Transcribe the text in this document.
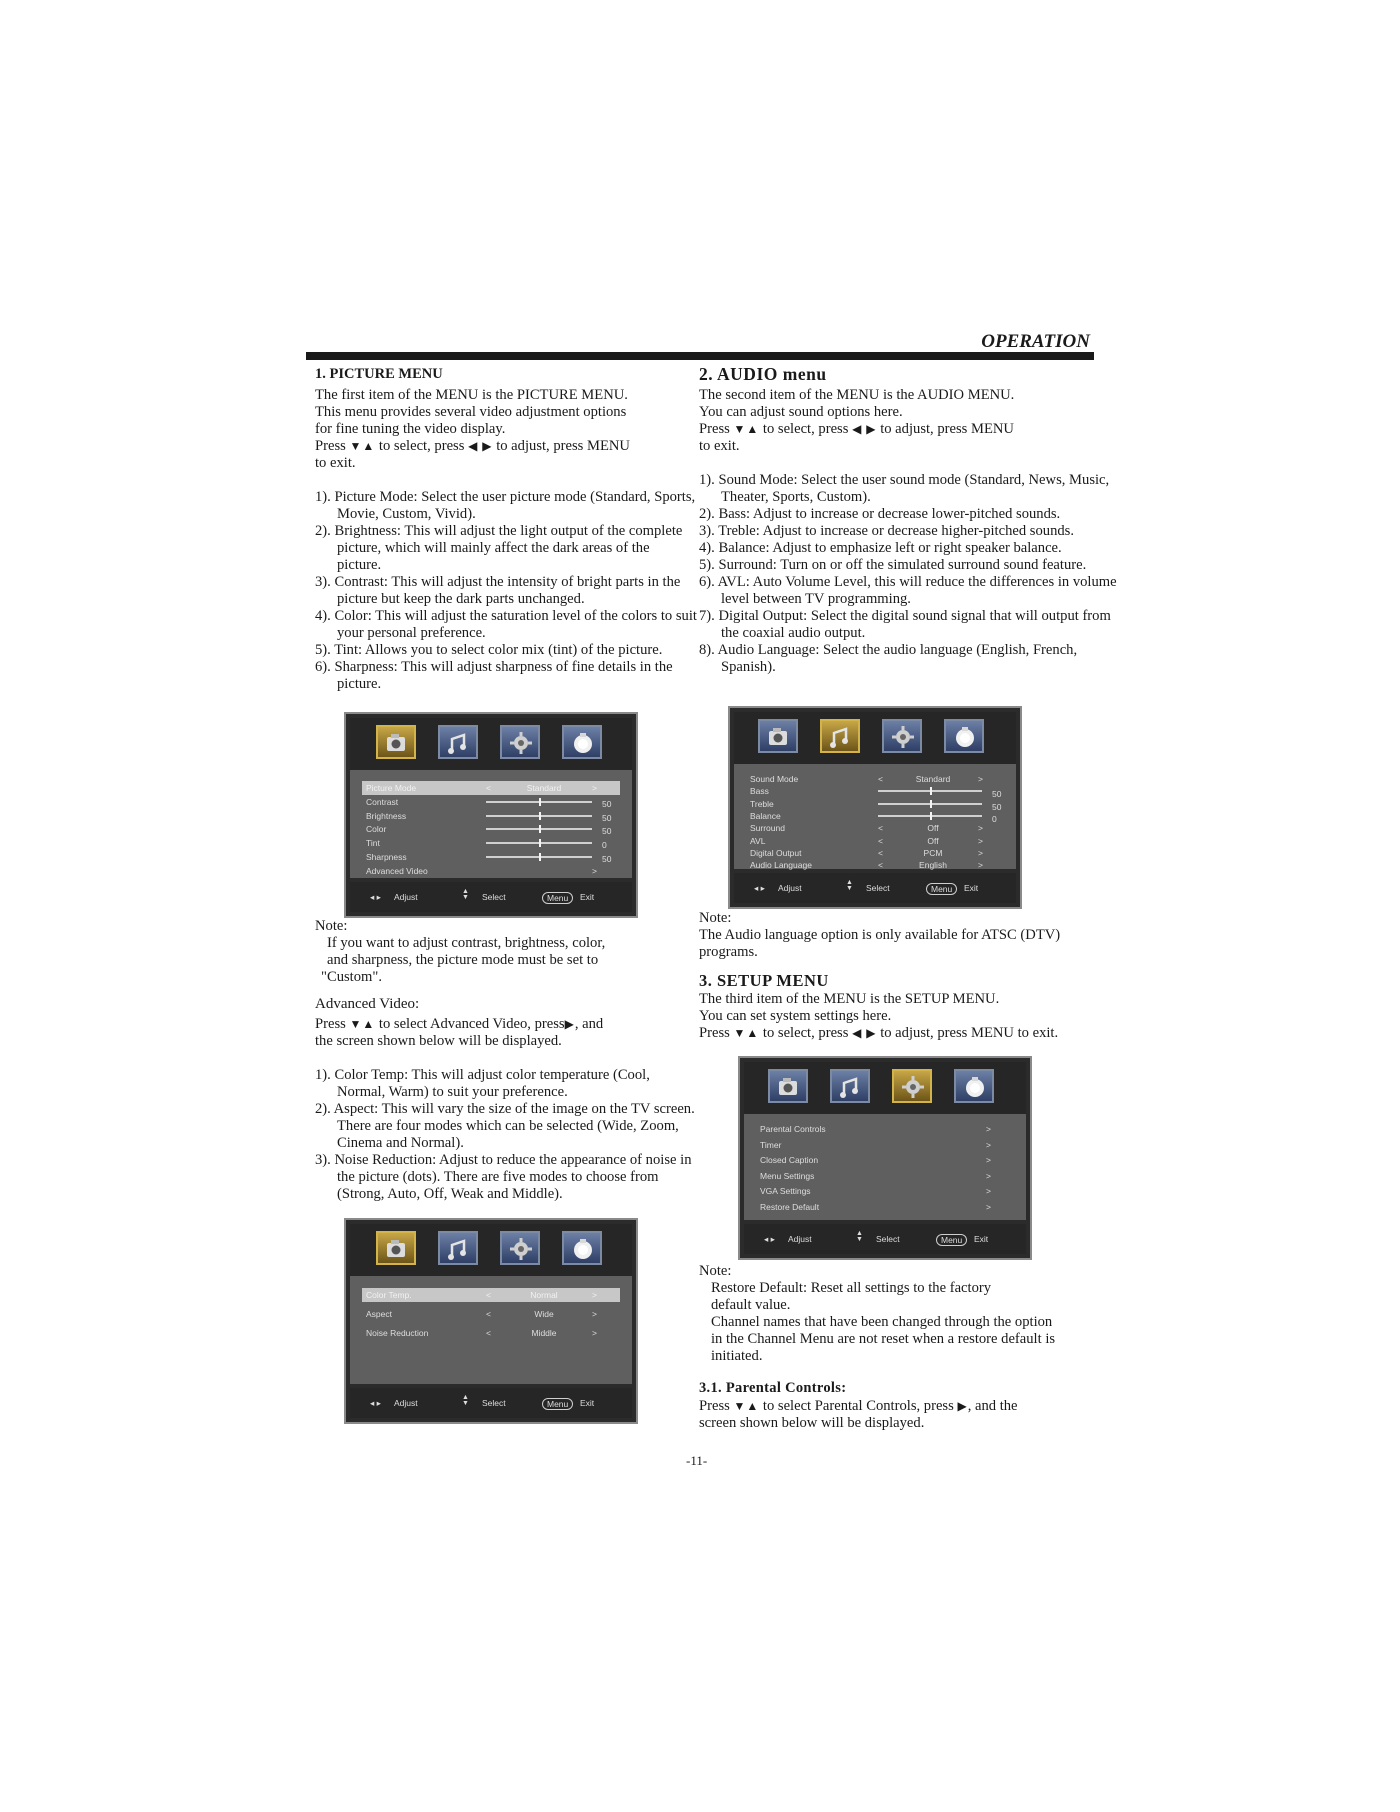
OPERATION

1. PICTURE MENU

The first item of the MENU is the PICTURE MENU.

This menu provides several video adjustment options

for fine tuning the video display.

Press ▼▲ to select, press ◀ ▶ to adjust, press MENU

to exit.

1). Picture Mode: Select the user picture mode (Standard, Sports, Movie, Custom, Vivid).

2). Brightness: This will adjust the light output of the complete picture, which will mainly affect the dark areas of the picture.

3). Contrast: This will adjust the intensity of bright parts in the picture but keep the dark parts unchanged.

4). Color: This will adjust the saturation level of the colors to suit your personal preference.

5). Tint: Allows you to select color mix (tint) of the picture.

6). Sharpness: This will adjust sharpness of fine details in the picture.

Picture Mode	<	Standard	>
Contrast	50
Brightness	50
Color	50
Tint	0
Sharpness	50
Advanced Video	>
◂ ▸ Adjust
▲
▼ Select	Menu	Exit

Note:

If you want to adjust contrast, brightness, color,

and sharpness, the picture mode must be set to

"Custom".

Advanced Video:

Press ▼▲ to select Advanced Video, press▶, and

the screen shown below will be displayed.

1). Color Temp: This will adjust color temperature (Cool, Normal, Warm) to suit your preference.

2). Aspect: This will vary the size of the image on the TV screen. There are four modes which can be selected (Wide, Zoom, Cinema and Normal).

3). Noise Reduction: Adjust to reduce the appearance of noise in the picture (dots). There are five modes to choose from (Strong, Auto, Off, Weak and Middle).

Color Temp.	<	Normal	>
Aspect	<	Wide	>
Noise Reduction	<	Middle	>
◂ ▸ Adjust
▲
▼ Select	Menu	Exit

2. AUDIO menu

The second item of the MENU is the AUDIO MENU.

You can adjust sound options here.

Press ▼▲ to select, press ◀ ▶ to adjust, press MENU

to exit.

1). Sound Mode: Select the user sound mode (Standard, News, Music, Theater, Sports, Custom).

2). Bass: Adjust to increase or decrease lower-pitched sounds.

3). Treble: Adjust to increase or decrease higher-pitched sounds.

4). Balance: Adjust to emphasize left or right speaker balance.

5). Surround: Turn on or off the simulated surround sound feature.

6). AVL: Auto Volume Level, this will reduce the differences in volume level between TV programming.

7). Digital Output: Select the digital sound signal that will output from the coaxial audio output.

8). Audio Language: Select the audio language (English, French, Spanish).

Sound Mode	<	Standard	>
Bass	50
Treble	50
Balance	0
Surround	<	Off	>
AVL	<	Off	>
Digital Output	<	PCM	>
Audio Language	<	English	>
◂ ▸ Adjust
▲
▼ Select	Menu	Exit

Note:

The Audio language option is only available for ATSC (DTV)

programs.

3. SETUP MENU

The third item of the MENU is the SETUP MENU.

You can set system settings here.

Press ▼▲ to select, press ◀ ▶ to adjust, press MENU to exit.

Parental Controls	>
Timer	>
Closed Caption	>
Menu Settings	>
VGA Settings	>
Restore Default	>
◂ ▸ Adjust
▲
▼ Select	Menu	Exit

Note:

Restore Default: Reset all settings to the factory

default value.

Channel names that have been changed through the option

in the Channel Menu are not reset when a restore default is

initiated.

3.1. Parental Controls:

Press ▼▲ to select Parental Controls, press ▶, and the

screen shown below will be displayed.

-11-
